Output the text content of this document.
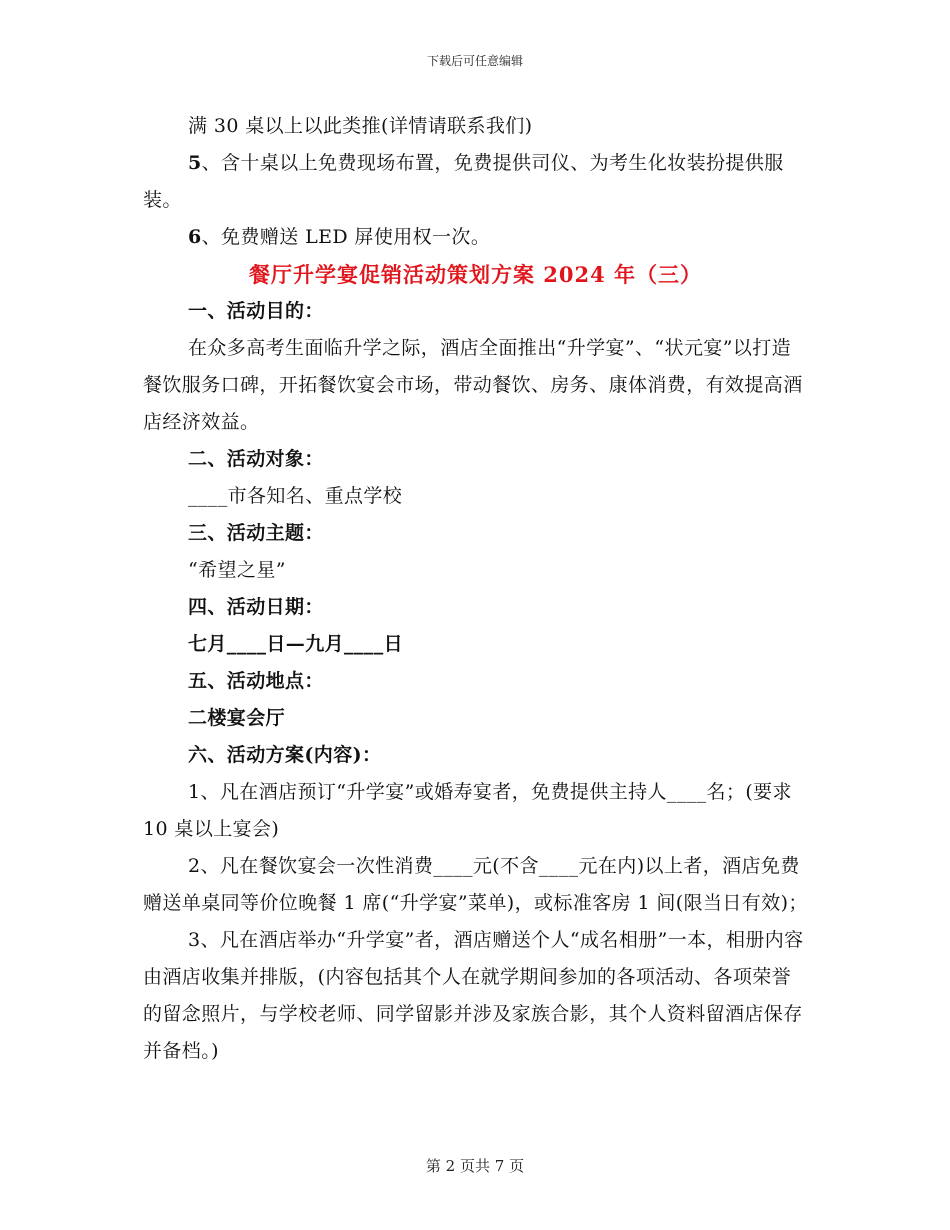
下载后可任意编辑

满 30 桌以上以此类推(详情请联系我们)

5、含十桌以上免费现场布置，免费提供司仪、为考生化妆装扮提供服装。

6、免费赠送 LED 屏使用权一次。

餐厅升学宴促销活动策划方案 2024 年（三）

一、活动目的：

在众多高考生面临升学之际，酒店全面推出“升学宴”、“状元宴”以打造餐饮服务口碑，开拓餐饮宴会市场，带动餐饮、房务、康体消费，有效提高酒店经济效益。

二、活动对象：

____市各知名、重点学校

三、活动主题：

“希望之星”

四、活动日期：

七月____日—九月____日

五、活动地点：

二楼宴会厅

六、活动方案(内容)：

1、凡在酒店预订“升学宴”或婚寿宴者，免费提供主持人____名；(要求 10 桌以上宴会)

2、凡在餐饮宴会一次性消费____元(不含____元在内)以上者，酒店免费赠送单桌同等价位晚餐 1 席(“升学宴”菜单)，或标准客房 1 间(限当日有效)；

3、凡在酒店举办“升学宴”者，酒店赠送个人“成名相册”一本，相册内容由酒店收集并排版，(内容包括其个人在就学期间参加的各项活动、各项荣誉的留念照片，与学校老师、同学留影并涉及家族合影，其个人资料留酒店保存并备档。)

第 2 页共 7 页
